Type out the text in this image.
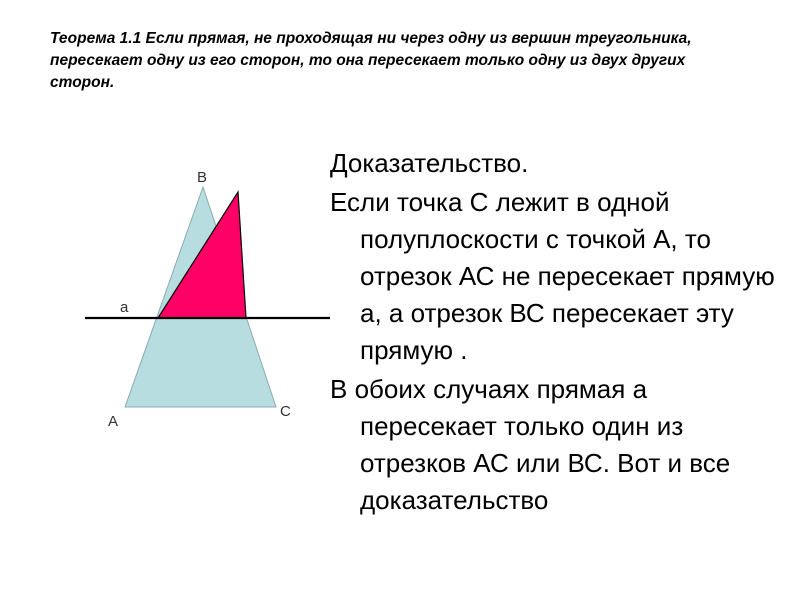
Теорема 1.1 Если прямая, не проходящая ни через одну из вершин треугольника, пересекает одну из его сторон, то она пересекает только одну из двух других сторон.

B
a
A
C

Доказательство.

Если точка С лежит в одной полуплоскости с точкой А, то отрезок АС не пересекает прямую а, а отрезок ВС пересекает эту прямую .

В обоих случаях прямая а пересекает только один из отрезков АС или ВС. Вот и все доказательство
